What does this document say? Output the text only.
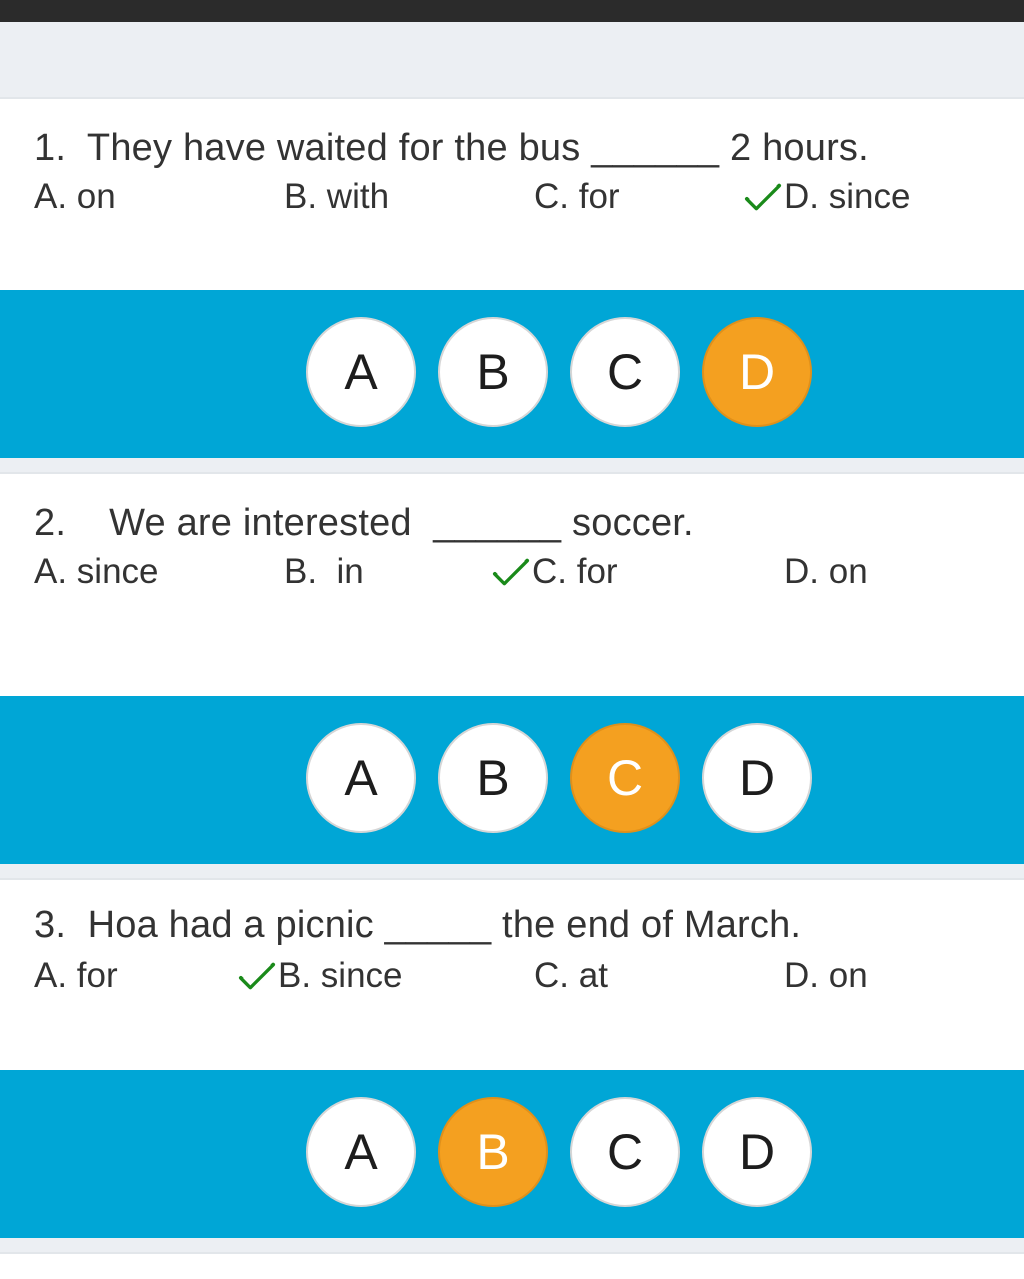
1.  They have waited for the bus ______ 2 hours.
A. on	B. with	C. for	D. since
A	B	C	D
2.    We are interested  ______ soccer.
A. since	B.  in	C. for	D. on
A	B	C	D
3.  Hoa had a picnic _____ the end of March.
A. for	B. since	C. at	D. on
A	B	C	D
